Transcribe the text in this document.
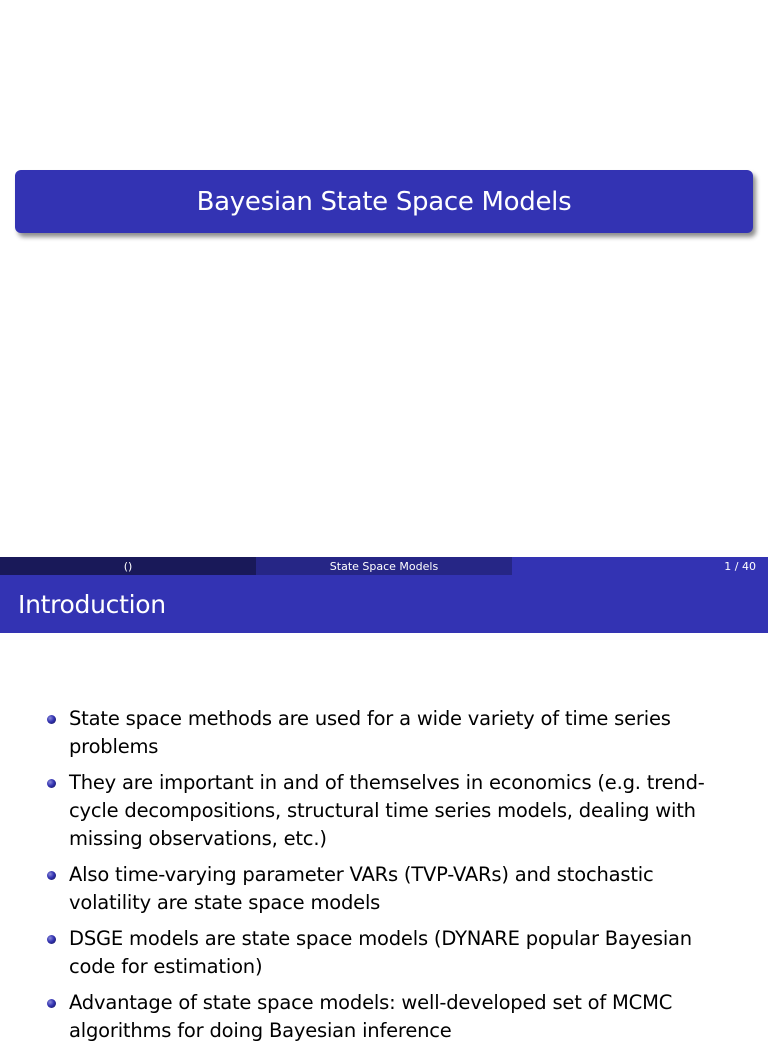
Bayesian State Space Models
()	State Space Models	1 / 40
Introduction
State space methods are used for a wide variety of time series problems
They are important in and of themselves in economics (e.g. trend-cycle decompositions, structural time series models, dealing with missing observations, etc.)
Also time-varying parameter VARs (TVP-VARs) and stochastic volatility are state space models
DSGE models are state space models (DYNARE popular Bayesian code for estimation)
Advantage of state space models: well-developed set of MCMC algorithms for doing Bayesian inference
